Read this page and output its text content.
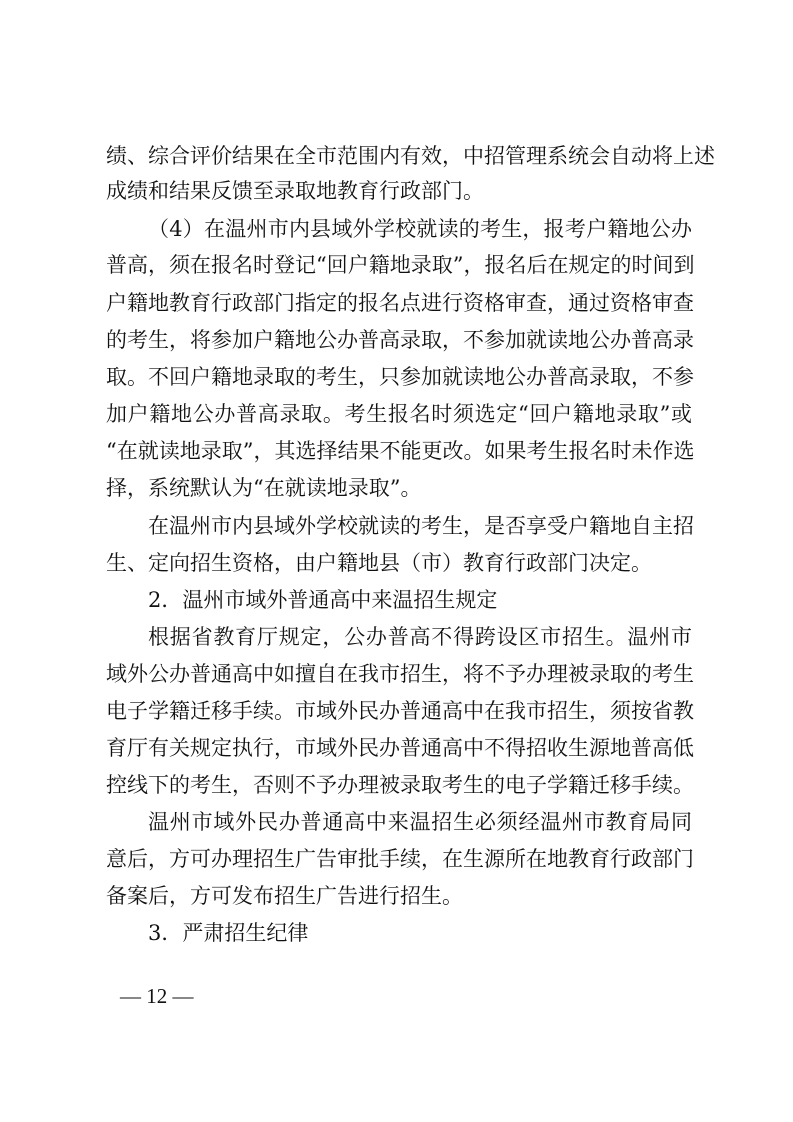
绩、综合评价结果在全市范围内有效，中招管理系统会自动将上述
成绩和结果反馈至录取地教育行政部门。
（4）在温州市内县域外学校就读的考生，报考户籍地公办
普高，须在报名时登记“回户籍地录取”，报名后在规定的时间到
户籍地教育行政部门指定的报名点进行资格审查，通过资格审查
的考生，将参加户籍地公办普高录取，不参加就读地公办普高录
取。不回户籍地录取的考生，只参加就读地公办普高录取，不参
加户籍地公办普高录取。考生报名时须选定“回户籍地录取”或
“在就读地录取”，其选择结果不能更改。如果考生报名时未作选
择，系统默认为“在就读地录取”。
在温州市内县域外学校就读的考生，是否享受户籍地自主招
生、定向招生资格，由户籍地县（市）教育行政部门决定。
2．温州市域外普通高中来温招生规定
根据省教育厅规定，公办普高不得跨设区市招生。温州市
域外公办普通高中如擅自在我市招生，将不予办理被录取的考生
电子学籍迁移手续。市域外民办普通高中在我市招生，须按省教
育厅有关规定执行，市域外民办普通高中不得招收生源地普高低
控线下的考生，否则不予办理被录取考生的电子学籍迁移手续。
温州市域外民办普通高中来温招生必须经温州市教育局同
意后，方可办理招生广告审批手续，在生源所在地教育行政部门
备案后，方可发布招生广告进行招生。
3．严肃招生纪律
— 12 —
